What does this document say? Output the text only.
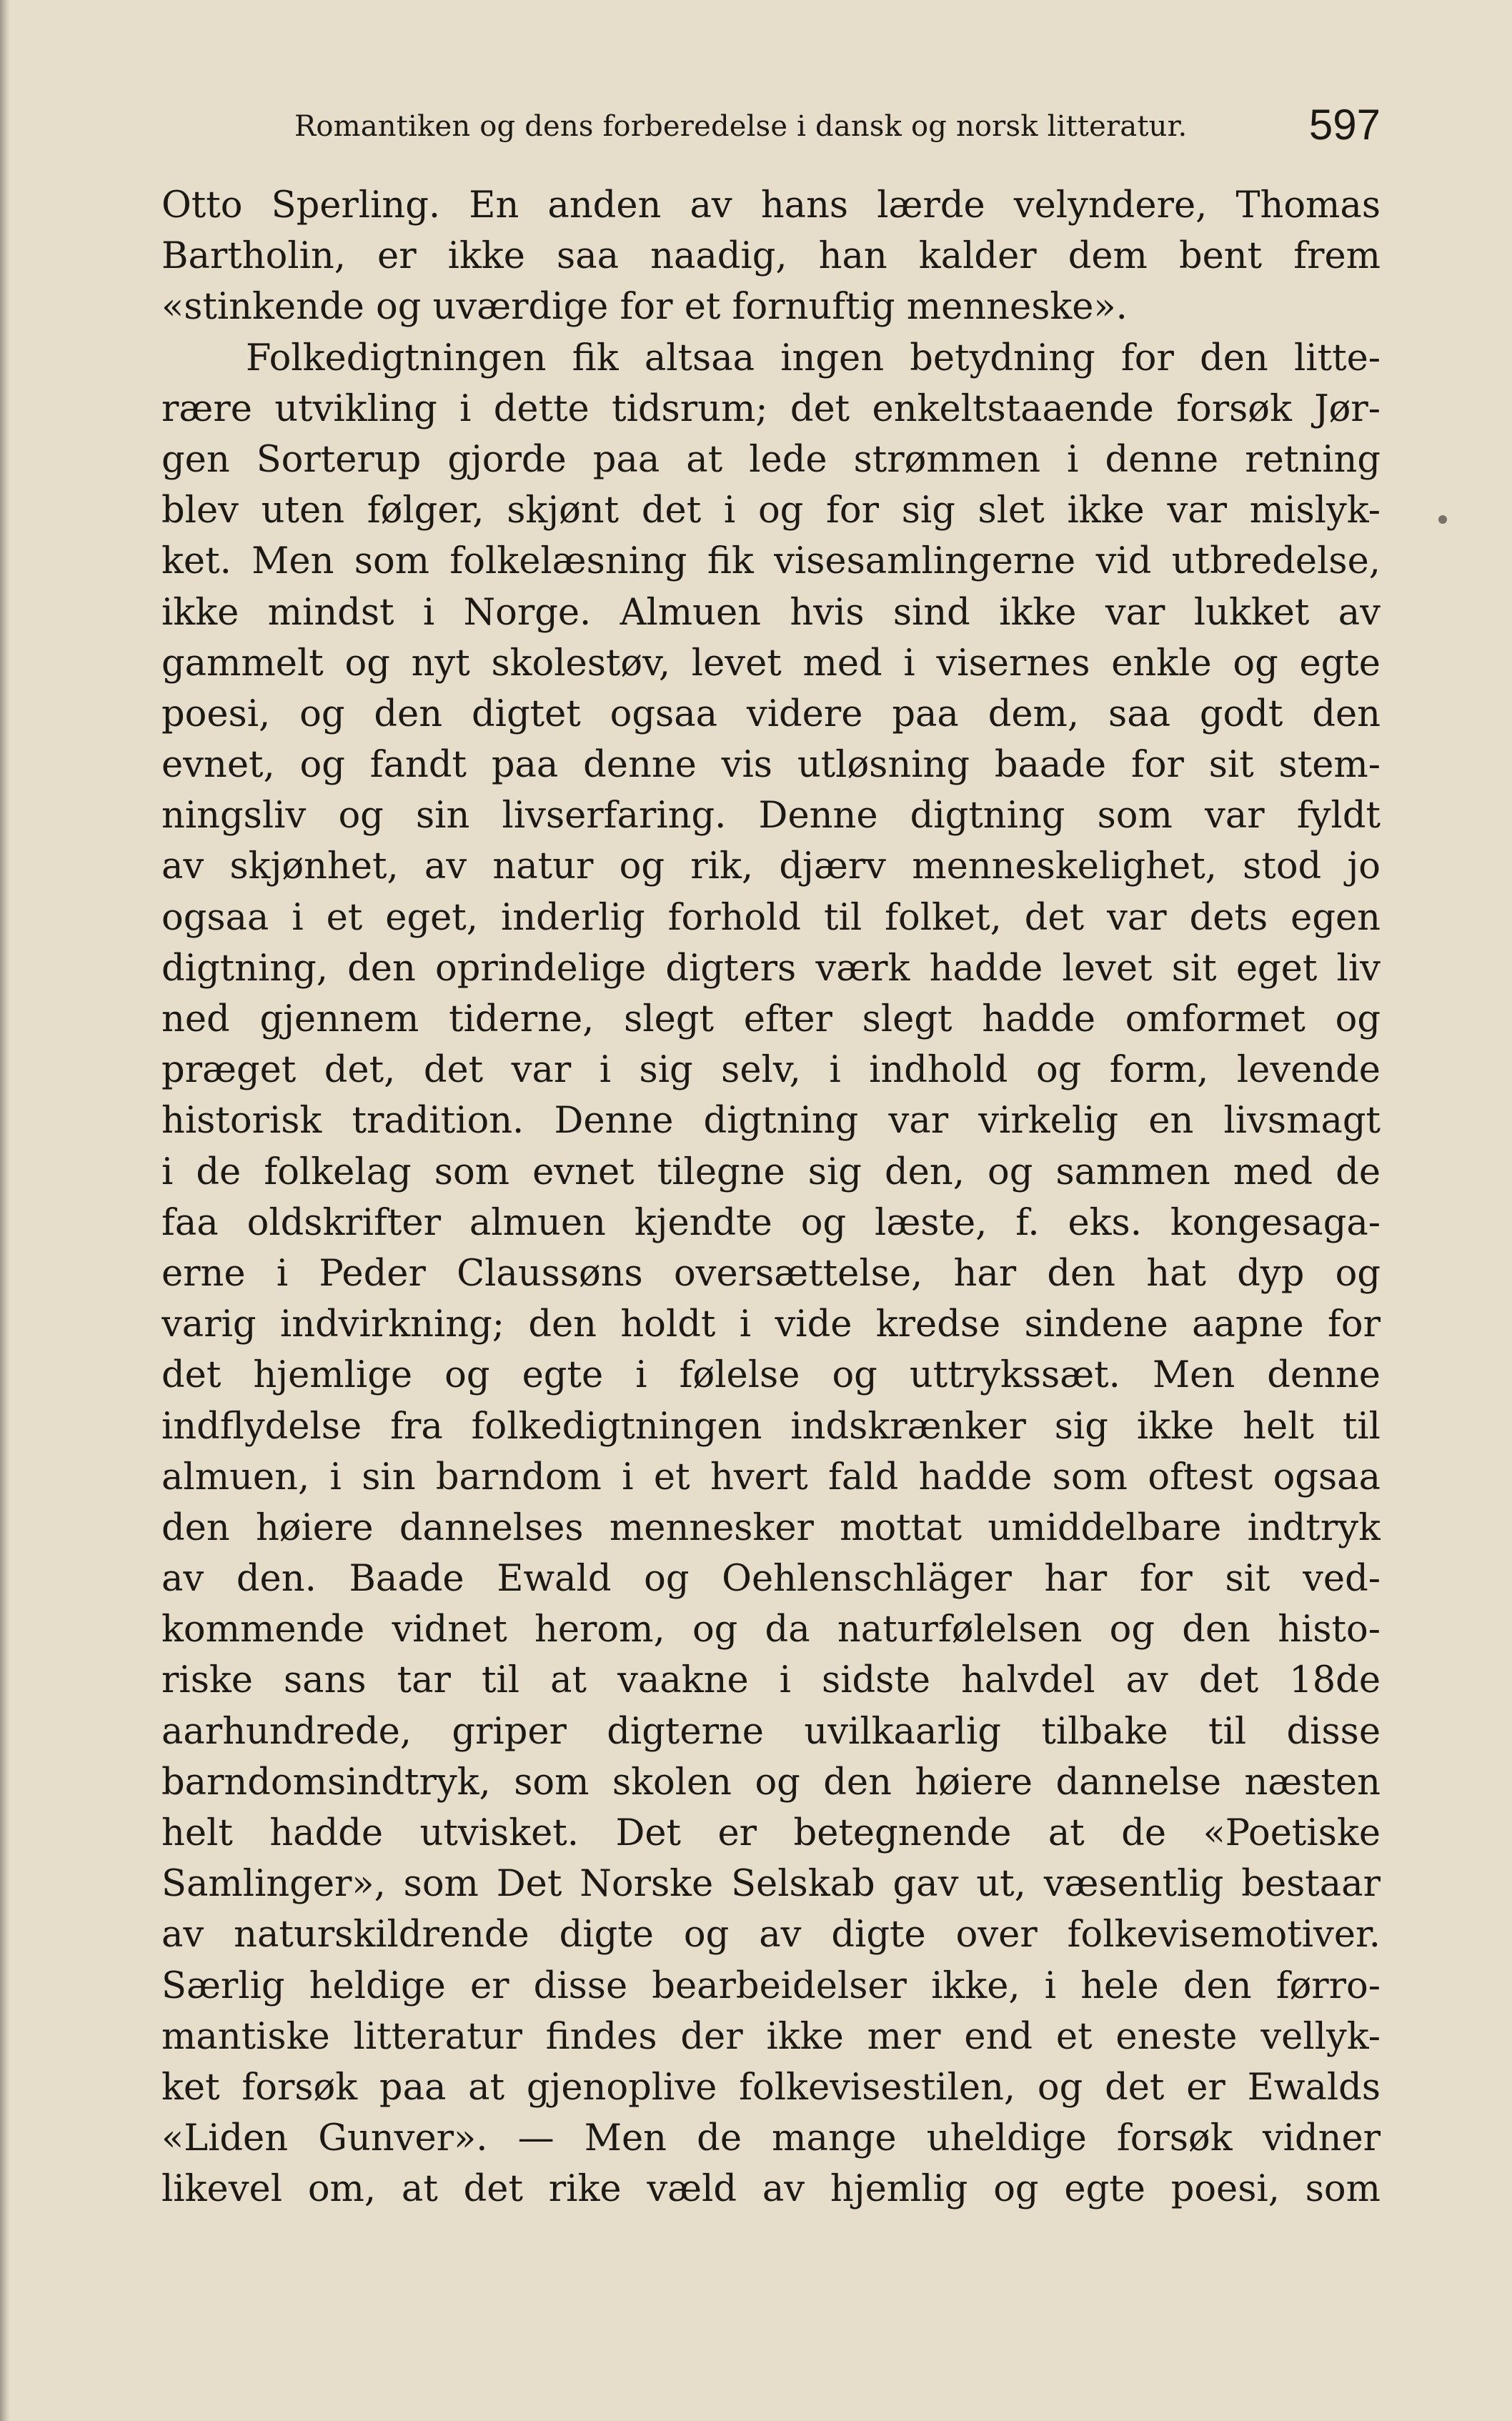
Romantiken og dens forberedelse i dansk og norsk litteratur.	597
Otto Sperling. En anden av hans lærde velyndere, Thomas
Bartholin, er ikke saa naadig, han kalder dem bent frem
«stinkende og uværdige for et fornuftig menneske».
Folkedigtningen fik altsaa ingen betydning for den litte-
rære utvikling i dette tidsrum; det enkeltstaaende forsøk Jør-
gen Sorterup gjorde paa at lede strømmen i denne retning
blev uten følger, skjønt det i og for sig slet ikke var mislyk-
ket. Men som folkelæsning fik visesamlingerne vid utbredelse,
ikke mindst i Norge. Almuen hvis sind ikke var lukket av
gammelt og nyt skolestøv, levet med i visernes enkle og egte
poesi, og den digtet ogsaa videre paa dem, saa godt den
evnet, og fandt paa denne vis utløsning baade for sit stem-
ningsliv og sin livserfaring. Denne digtning som var fyldt
av skjønhet, av natur og rik, djærv menneskelighet, stod jo
ogsaa i et eget, inderlig forhold til folket, det var dets egen
digtning, den oprindelige digters værk hadde levet sit eget liv
ned gjennem tiderne, slegt efter slegt hadde omformet og
præget det, det var i sig selv, i indhold og form, levende
historisk tradition. Denne digtning var virkelig en livsmagt
i de folkelag som evnet tilegne sig den, og sammen med de
faa oldskrifter almuen kjendte og læste, f. eks. kongesaga-
erne i Peder Claussøns oversættelse, har den hat dyp og
varig indvirkning; den holdt i vide kredse sindene aapne for
det hjemlige og egte i følelse og uttrykssæt. Men denne
indflydelse fra folkedigtningen indskrænker sig ikke helt til
almuen, i sin barndom i et hvert fald hadde som oftest ogsaa
den høiere dannelses mennesker mottat umiddelbare indtryk
av den. Baade Ewald og Oehlenschläger har for sit ved-
kommende vidnet herom, og da naturfølelsen og den histo-
riske sans tar til at vaakne i sidste halvdel av det 18de
aarhundrede, griper digterne uvilkaarlig tilbake til disse
barndomsindtryk, som skolen og den høiere dannelse næsten
helt hadde utvisket. Det er betegnende at de «Poetiske
Samlinger», som Det Norske Selskab gav ut, væsentlig bestaar
av naturskildrende digte og av digte over folkevisemotiver.
Særlig heldige er disse bearbeidelser ikke, i hele den førro-
mantiske litteratur findes der ikke mer end et eneste vellyk-
ket forsøk paa at gjenoplive folkevisestilen, og det er Ewalds
«Liden Gunver». — Men de mange uheldige forsøk vidner
likevel om, at det rike væld av hjemlig og egte poesi, som
